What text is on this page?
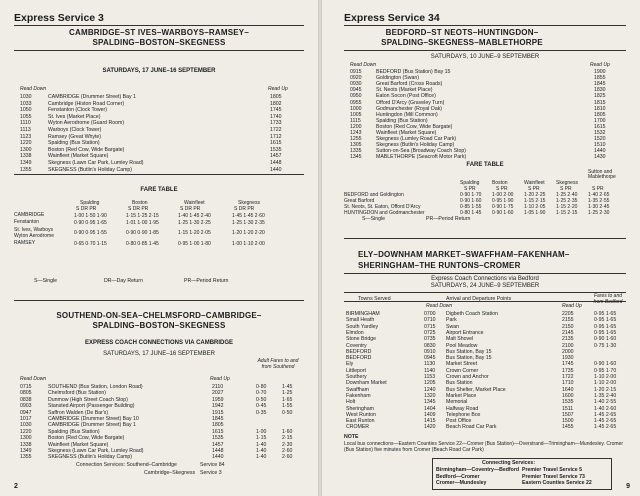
Express Service 3
CAMBRIDGE–ST IVES–WARBOYS–RAMSEY–
SPALDING–BOSTON–SKEGNESS
SATURDAYS, 17 JUNE–16 SEPTEMBER
Read Down	Read Up
1030	CAMBRIDGE (Drummer Street) Bay 1	1805
1033	Cambridge (Histon Road Corner)	1802
1050	Fenstanton (Clock Tower)	1745
1055	St. Ives (Market Place)	1740
1110	Wyton Aerodrome (Guard Room)	1733
1113	Warboys (Clock Tower)	1722
1123	Ramsey (Great Whyte)	1712
1220	Spalding (Bus Station)	1615
1300	Boston (Red Cow, Wide Bargate)	1535
1338	Wainfleet (Market Square)	1457
1349	Skegness (Lawn Car Park, Lumley Road)	1448
1355	SKEGNESS (Butlin's Holiday Camp)	1440
FARE TABLE
Spalding
S DR PR
Boston
S DR PR
Wainfleet
S DR PR
Skegness
S DR PR
CAMBRIDGE	1·00 1·50 1·90	1·15 1·25 2·15	1·40 1·45 2·40	1·45 1·45 2·60
Fenstanton	0·90 0·95 1·65	1·01 1·00 1·95	1·25 1·30 2·25	1·25 1·30 2·35
St. Ives, Warboys
Wyton Aerodrome	0·90 0·95 1·55	0·90 0·90 1·85	1·15 1·20 2·05	1·20 1·20 2·20
RAMSEY	0·65 0·70 1·15	0·80 0·85 1·45	0·95 1·00 1·80	1·00 1·10 2·00
S—Single	DR—Day Return	PR—Period Return
SOUTHEND-ON-SEA–CHELMSFORD–CAMBRIDGE–
SPALDING–BOSTON–SKEGNESS
EXPRESS COACH CONNECTIONS VIA CAMBRIDGE
SATURDAYS, 17 JUNE–16 SEPTEMBER
Adult Fares to and from Southend
Read Down	Read Up
0715	SOUTHEND (Bus Station, London Road)	2110	0·80	1·45
0805	Chelmsford (Bus Station)	2027	0·70	1·25
0838	Dunmow (High Street Coach Stop)	1959	0·50	1·65
0903	Stansted Airport (Passenger Building)	1942	0·45	1·55
0947	Saffron Walden (De Bar's)	1915	0·35	0·50
1017	CAMBRIDGE (Drummer Street) Bay 10	1845
1030	CAMBRIDGE (Drummer Street) Bay 1	1805
1220	Spalding (Bus Station)	1615	1·00	1·60
1300	Boston (Red Cow, Wide Bargate)	1535	1·15	2·15
1338	Wainfleet (Market Square)	1457	1·40	2·30
1349	Skegness (Lawn Car Park, Lumley Road)	1448	1·40	2·60
1355	SKEGNESS (Butlin's Holiday Camp)	1440	1·40	2·60
Connection Services: Southend–Cambridge	Service 84
Cambridge–Skegness Service 3
2
Express Service 34
BEDFORD–ST NEOTS–HUNTINGDON–
SPALDING–SKEGNESS–MABLETHORPE
SATURDAYS, 10 JUNE–9 SEPTEMBER
Read Down	Read Up
0915	BEDFORD (Bus Station) Bay 15	1900
0920	Goldington (Swan)	1855
0930	Great Barford (Cross Roads)	1845
0945	St. Neots (Market Place)	1830
0950	Eaton Socon (Post Office)	1825
0955	Offord D'Arcy (Graveley Turn)	1815
1000	Godmanchester (Royal Oak)	1810
1005	Huntingdon (Mill Common)	1805
1115	Spalding (Bus Station)	1700
1200	Boston (Red Cow, Wide Bargate)	1615
1243	Wainfleet (Market Square)	1532
1255	Skegness (Lumley Road Car Park)	1520
1305	Skegness (Butlin's Holiday Camp)	1510
1335	Sutton-on-Sea (Broadway Coach Stop)	1440
1345	MABLETHORPE (Seacroft Motor Park)	1430
FARE TABLE
Spalding
S PR
Boston
S PR
Wainfleet
S PR
Skegness
S PR
Sutton and Mablethorpe
S PR
BEDFORD and Goldington	0·90 1·70 1·00 2·00 1·20 2·25 1·25 2·40 1·40 2·65
Great Barford	0·90 1·60 0·95 1·90 1·15 2·15 1·25 2·35 1·35 2·55
St. Neots, St. Eaton, Offord D'Arcy	0·85 1·55 0·90 1·75 1·10 2·05 1·15 2·20 1·30 2·45
HUNTINGDON and Godmanchester	0·80 1·45 0·90 1·60 1·05 1·90 1·15 2·15 1·25 2·30
S—Single	PR—Period Return
ELY–DOWNHAM MARKET–SWAFFHAM–FAKENHAM–
SHERINGHAM–THE RUNTONS–CROMER
Express Coach Connections via Bedford
SATURDAYS, 24 JUNE–9 SEPTEMBER
Towns Served	Arrival and Departure Points
Read Down	Read Up
Fares to and from Bedford
BIRMINGHAM	0700 Digbeth Coach Station	2205	0·95 1·65
Small Heath	0710 Park	2155	0·95 1·65
South Yardley	0715 Swan	2150	0·95 1·65
Elmdon	0725 Airport Entrance	2145	0·95 1·65
Stone Bridge	0735 Malt Shovel	2135	0·90 1·60
Coventry	0830 Pool Meadow	2100	0·75 1·30
BEDFORD	0910 Bus Station, Bay 15	2000
BEDFORD	0945 Bus Station, Bay 15	1930
Ely	1130 Market Street	1745	0·90 1·60
Littleport	1140 Crown Corner	1735	0·95 1·70
Southery	1153 Crown and Anchor	1722	1·10 2·00
Downham Market	1205 Bus Station	1710	1·10 2·00
Swaffham	1240 Bus Shelter, Market Place	1640	1·20 2·15
Fakenham	1320 Market Place	1600	1·35 2·40
Holt	1345 Memorial	1535	1·40 2·55
Sheringham	1404 Halfway Road	1511	1·40 2·60
West Runton	1409 Telephone Box	1507	1·45 2·65
East Runton	1415 Post Office	1500	1·45 2·65
CROMER	1420 Beach Road Car Park	1455	1·45 2·65
NOTE
Local bus connections—Eastern Counties Service 22—Cromer (Bus Station)—Overstrand—Trimingham—Mundesley. Cromer (Bus Station) five minutes from Cromer (Beach Road Car Park)
Connecting Services:
Birmingham—Coventry—Bedford Premier Travel Service 5
Bedford—Cromer	Premier Travel Service 73
Cromer—Mundesley	Eastern Counties Service 22	9
